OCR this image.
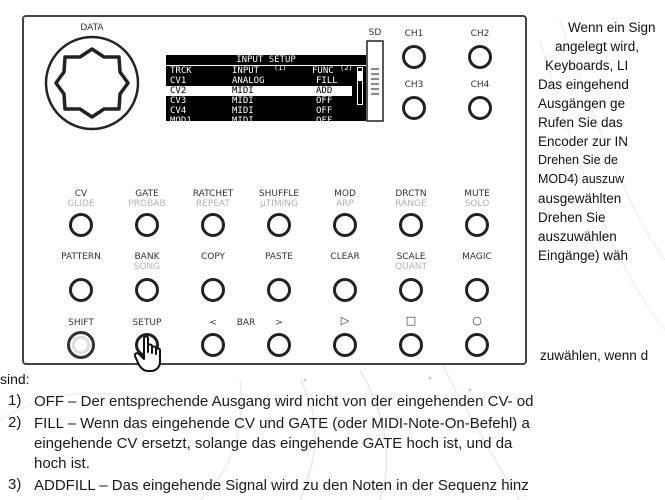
DATA
INPUT SETUP
TRCK	INPUT (1)	FUNC (2)
CV1	ANALOG	FILL
CV2	MIDI	ADD
CV3	MIDI	OFF
CV4	MIDI	OFF
MOD1	MIDI	OFF
SD	CH1	CH2
CH3	CH4
CV
GLIDE
GATE
PROBAB
RATCHET
REPEAT
SHUFFLE
µTIMING
MOD
ARP
DRCTN
RANGE
MUTE
SOLO
PATTERN	BANK
SONG
COPY	PASTE	CLEAR	SCALE
QUANT
MAGIC
SHIFT	SETUP	< BAR >	▷	□	○
Wenn ein Sign
angelegt wird,
Keyboards, LI
Das eingehend
Ausgängen ge
Rufen Sie das
Encoder zur IN
Drehen Sie de
MOD4) auszuw
ausgewählten
Drehen Sie
auszuwählen
Eingänge) wäh
zuwählen, wenn d
sind:
1) OFF – Der entsprechende Ausgang wird nicht von der eingehenden CV- od
2) FILL – Wenn das eingehende CV und GATE (oder MIDI-Note-On-Befehl) a
eingehende CV ersetzt, solange das eingehende GATE hoch ist, und da
hoch ist.
3) ADDFILL – Das eingehende Signal wird zu den Noten in der Sequenz hinz
